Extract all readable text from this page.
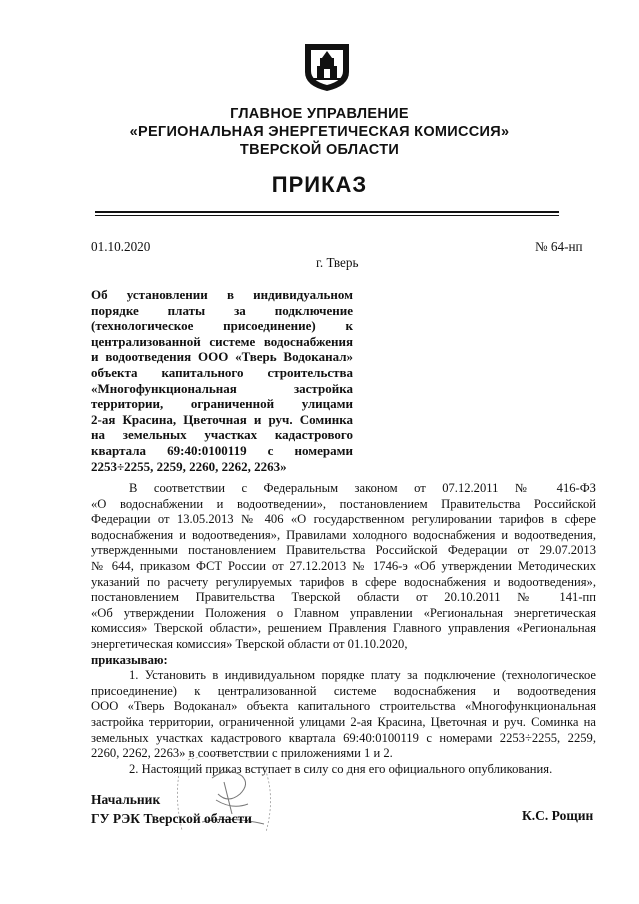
ГЛАВНОЕ УПРАВЛЕНИЕ
«РЕГИОНАЛЬНАЯ ЭНЕРГЕТИЧЕСКАЯ КОМИССИЯ»
ТВЕРСКОЙ ОБЛАСТИ
ПРИКАЗ
01.10.2020
г. Тверь
№ 64-нп
Об установлении в индивидуальном
порядке платы за подключение
(технологическое присоединение) к
централизованной системе водоснабжения
и водоотведения ООО «Тверь Водоканал»
объекта капитального строительства
«Многофункциональная застройка
территории, ограниченной улицами
2-ая Красина, Цветочная и руч. Соминка
на земельных участках кадастрового
квартала 69:40:0100119 с номерами
2253÷2255, 2259, 2260, 2262, 2263»
В соответствии с Федеральным законом от 07.12.2011 № 416-ФЗ
«О водоснабжении и водоотведении», постановлением Правительства Российской
Федерации от 13.05.2013 № 406 «О государственном регулировании тарифов в сфере
водоснабжения и водоотведения», Правилами холодного водоснабжения и водоотведения,
утвержденными постановлением Правительства Российской Федерации от 29.07.2013
№ 644, приказом ФСТ России от 27.12.2013 № 1746-э «Об утверждении Методических
указаний по расчету регулируемых тарифов в сфере водоснабжения и водоотведения»,
постановлением Правительства Тверской области от 20.10.2011 № 141-пп
«Об утверждении Положения о Главном управлении «Региональная энергетическая
комиссия» Тверской области», решением Правления Главного управления «Региональная
энергетическая комиссия» Тверской области от 01.10.2020,
приказываю:
1. Установить в индивидуальном порядке плату за подключение (технологическое
присоединение) к централизованной системе водоснабжения и водоотведения
ООО «Тверь Водоканал» объекта капитального строительства «Многофункциональная
застройка территории, ограниченной улицами 2-ая Красина, Цветочная и руч. Соминка на
земельных участках кадастрового квартала 69:40:0100119 с номерами 2253÷2255, 2259,
2260, 2262, 2263» в соответствии с приложениями 1 и 2.
2. Настоящий приказ вступает в силу со дня его официального опубликования.
Начальник
ГУ РЭК Тверской области	К.С. Рощин
